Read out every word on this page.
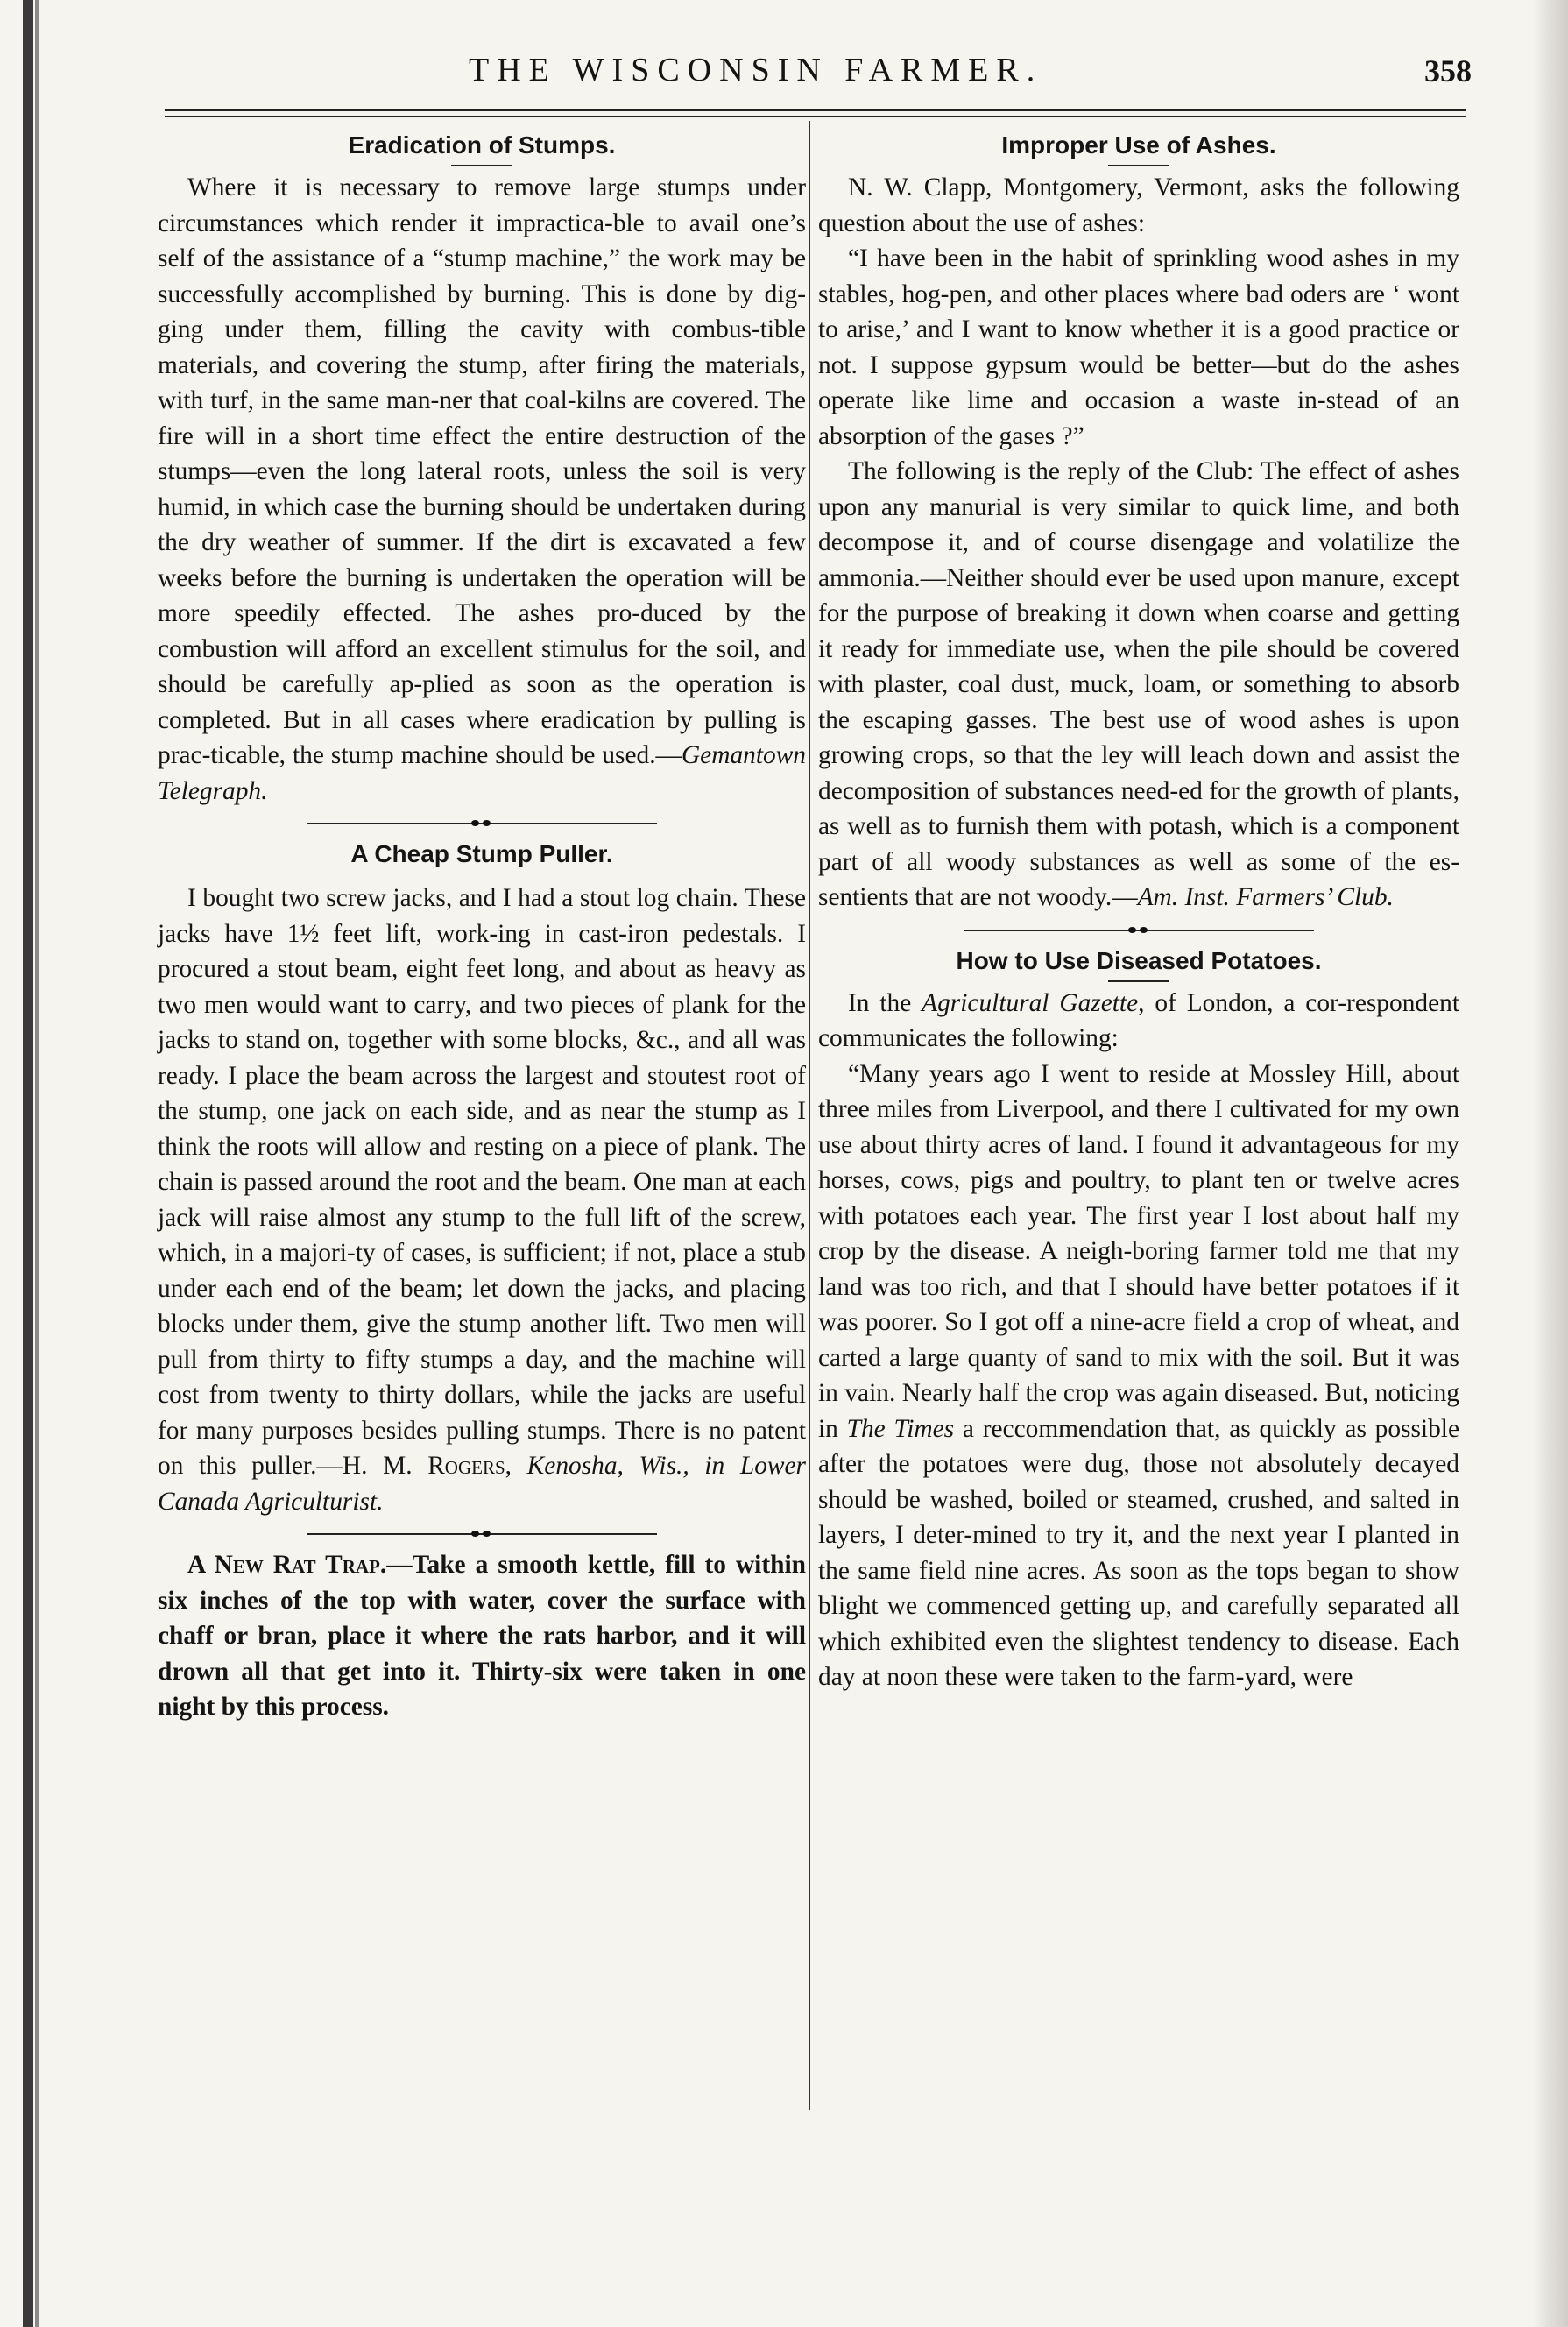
THE WISCONSIN FARMER.	358
Eradication of Stumps.

Where it is necessary to remove large stumps under circumstances which render it impractica-ble to avail one’s self of the assistance of a “stump machine,” the work may be successfully accomplished by burning. This is done by dig-ging under them, filling the cavity with combus-tible materials, and covering the stump, after firing the materials, with turf, in the same man-ner that coal-kilns are covered. The fire will in a short time effect the entire destruction of the stumps—even the long lateral roots, unless the soil is very humid, in which case the burning should be undertaken during the dry weather of summer. If the dirt is excavated a few weeks before the burning is undertaken the operation will be more speedily effected. The ashes pro-duced by the combustion will afford an excellent stimulus for the soil, and should be carefully ap-plied as soon as the operation is completed. But in all cases where eradication by pulling is prac-ticable, the stump machine should be used.—Gemantown Telegraph.

A Cheap Stump Puller.

I bought two screw jacks, and I had a stout log chain. These jacks have 1½ feet lift, work-ing in cast-iron pedestals. I procured a stout beam, eight feet long, and about as heavy as two men would want to carry, and two pieces of plank for the jacks to stand on, together with some blocks, &c., and all was ready. I place the beam across the largest and stoutest root of the stump, one jack on each side, and as near the stump as I think the roots will allow and resting on a piece of plank. The chain is passed around the root and the beam. One man at each jack will raise almost any stump to the full lift of the screw, which, in a majori-ty of cases, is sufficient; if not, place a stub under each end of the beam; let down the jacks, and placing blocks under them, give the stump another lift. Two men will pull from thirty to fifty stumps a day, and the machine will cost from twenty to thirty dollars, while the jacks are useful for many purposes besides pulling stumps. There is no patent on this puller.—H. M. Rogers, Kenosha, Wis., in Lower Canada Agriculturist.

A New Rat Trap.—Take a smooth kettle, fill to within six inches of the top with water, cover the surface with chaff or bran, place it where the rats harbor, and it will drown all that get into it. Thirty-six were taken in one night by this process.

Improper Use of Ashes.

N. W. Clapp, Montgomery, Vermont, asks the following question about the use of ashes:

“I have been in the habit of sprinkling wood ashes in my stables, hog-pen, and other places where bad oders are ‘ wont to arise,’ and I want to know whether it is a good practice or not. I suppose gypsum would be better—but do the ashes operate like lime and occasion a waste in-stead of an absorption of the gases ?”

The following is the reply of the Club: The effect of ashes upon any manurial is very similar to quick lime, and both decompose it, and of course disengage and volatilize the ammonia.—Neither should ever be used upon manure, except for the purpose of breaking it down when coarse and getting it ready for immediate use, when the pile should be covered with plaster, coal dust, muck, loam, or something to absorb the escaping gasses. The best use of wood ashes is upon growing crops, so that the ley will leach down and assist the decomposition of substances need-ed for the growth of plants, as well as to furnish them with potash, which is a component part of all woody substances as well as some of the es-sentients that are not woody.—Am. Inst. Farmers’ Club.

How to Use Diseased Potatoes.

In the Agricultural Gazette, of London, a cor-respondent communicates the following:

“Many years ago I went to reside at Mossley Hill, about three miles from Liverpool, and there I cultivated for my own use about thirty acres of land. I found it advantageous for my horses, cows, pigs and poultry, to plant ten or twelve acres with potatoes each year. The first year I lost about half my crop by the disease. A neigh-boring farmer told me that my land was too rich, and that I should have better potatoes if it was poorer. So I got off a nine-acre field a crop of wheat, and carted a large quanty of sand to mix with the soil. But it was in vain. Nearly half the crop was again diseased. But, noticing in The Times a reccommendation that, as quickly as possible after the potatoes were dug, those not absolutely decayed should be washed, boiled or steamed, crushed, and salted in layers, I deter-mined to try it, and the next year I planted in the same field nine acres. As soon as the tops began to show blight we commenced getting up, and carefully separated all which exhibited even the slightest tendency to disease. Each day at noon these were taken to the farm-yard, were
